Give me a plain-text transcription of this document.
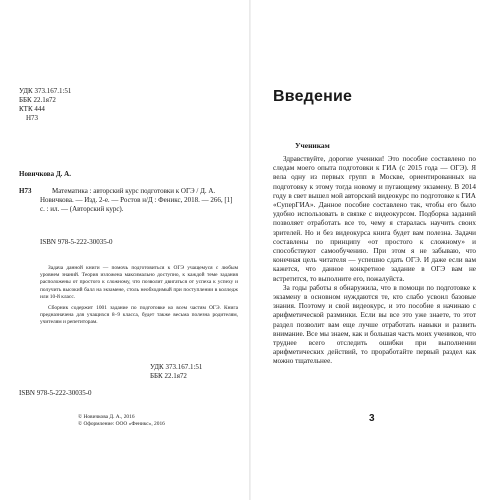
УДК 373.167.1:51
ББК 22.1я72
КТК 444
Н73
Новичкова Д. А.
Н73	Математика : авторский курс подготовки к ОГЭ / Д. А. Новичкова. — Изд. 2-е. — Ростов н/Д : Феникс, 2018. — 266, [1] с. : ил. — (Авторский курс).
ISBN 978-5-222-30035-0

Задача данной книги — помочь подготовиться к ОГЭ учащемуся с любым уровнем знаний. Теория изложена максимально доступно, к каждой теме задания расположены от простого к сложному, что позволит двигаться от успеха к успеху и получить высокий балл на экзамене, столь необходимый при поступлении в колледж или 10-й класс.

Сборник содержит 1001 задание по подготовке ко всем частям ОГЭ. Книга предназначена для учащихся 8–9 класса, будет также весьма полезна родителям, учителям и репетиторам.

УДК 373.167.1:51
ББК 22.1я72
ISBN 978-5-222-30035-0
© Новичкова Д. А., 2016
© Оформление: ООО «Феникс», 2016
Введение
Ученикам

Здравствуйте, дорогие ученики! Это пособие составлено по следам моего опыта подготовки к ГИА (с 2015 года — ОГЭ). Я вела одну из первых групп в Москве, ориентированных на подготовку к этому тогда новому и пугающему экзамену. В 2014 году в свет вышел мой авторский видеокурс по подготовке к ГИА «СуперГИА». Данное пособие составлено так, чтобы его было удобно использовать в связке с видеокурсом. Подборка заданий позволяет отработать все то, чему я старалась научить своих зрителей. Но и без видеокурса книга будет вам полезна. Задачи составлены по принципу «от простого к сложному» и способствуют самообучению. При этом я не забываю, что конечная цель читателя — успешно сдать ОГЭ. И даже если вам кажется, что данное конкретное задание в ОГЭ вам не встретится, то выполните его, пожалуйста.

За годы работы я обнаружила, что в помощи по подготовке к экзамену в основном нуждаются те, кто слабо усвоил базовые знания. Поэтому и свой видеокурс, и это пособие я начинаю с арифметической разминки. Если вы все это уже знаете, то этот раздел позволит вам еще лучше отработать навыки и развить внимание. Все мы знаем, как и большая часть моих учеников, что труднее всего отследить ошибки при выполнении арифметических действий, то проработайте первый раздел как можно тщательнее.

3
